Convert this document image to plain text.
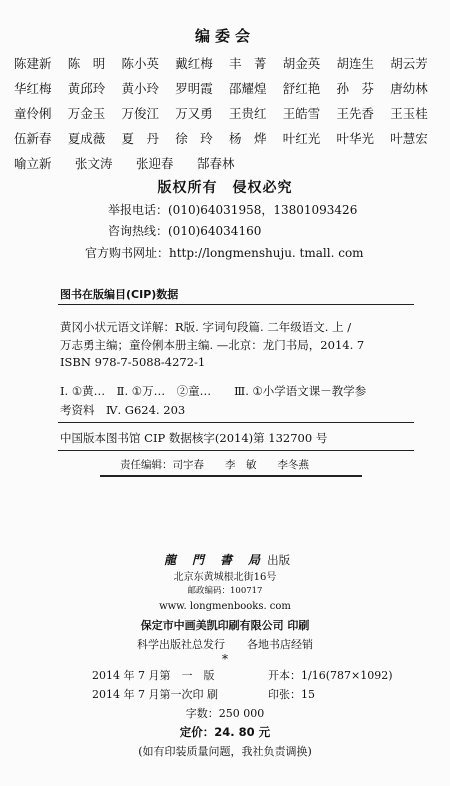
编委会
陈建新	陈　明	陈小英	戴红梅	丰　菁	胡金英	胡连生	胡云芳
华红梅	黄邱玲	黄小玲	罗明霞	邵耀煌	舒红艳	孙　芬	唐幼林
童伶俐	万金玉	万俊江	万又勇	王贵红	王皓雪	王先香	王玉桂
伍新春	夏成薇	夏　丹	徐　玲	杨　烨	叶红光	叶华光	叶慧宏
喻立新	张文涛	张迎春	郜春林
版权所有　侵权必究
举报电话：(010)64031958，13801093426
咨询热线：(010)64034160
官方购书网址：http://longmenshuju. tmall. com
图书在版编目(CIP)数据
黄冈小状元语文详解：R版. 字词句段篇. 二年级语文. 上 /
万志勇主编；童伶俐本册主编. —北京：龙门书局，2014. 7
ISBN 978-7-5088-4272-1
Ⅰ. ①黄…　Ⅱ. ①万…　②童…　　Ⅲ. ①小学语文课－教学参
考资料　Ⅳ. G624. 203
中国版本图书馆 CIP 数据核字(2014)第 132700 号
责任编辑：司宇春　　李　敏　　李冬燕
龍　門　書　局 出版
北京东黄城根北街16号
邮政编码：100717
www. longmenbooks. com
保定市中画美凯印刷有限公司 印刷
科学出版社总发行　　各地书店经销
*
2014 年 7 月第　一　版	开本：1/16(787×1092)
2014 年 7 月第一次印 刷	印张：15
字数：250 000
定价：24. 80 元
(如有印装质量问题，我社负责调换)
